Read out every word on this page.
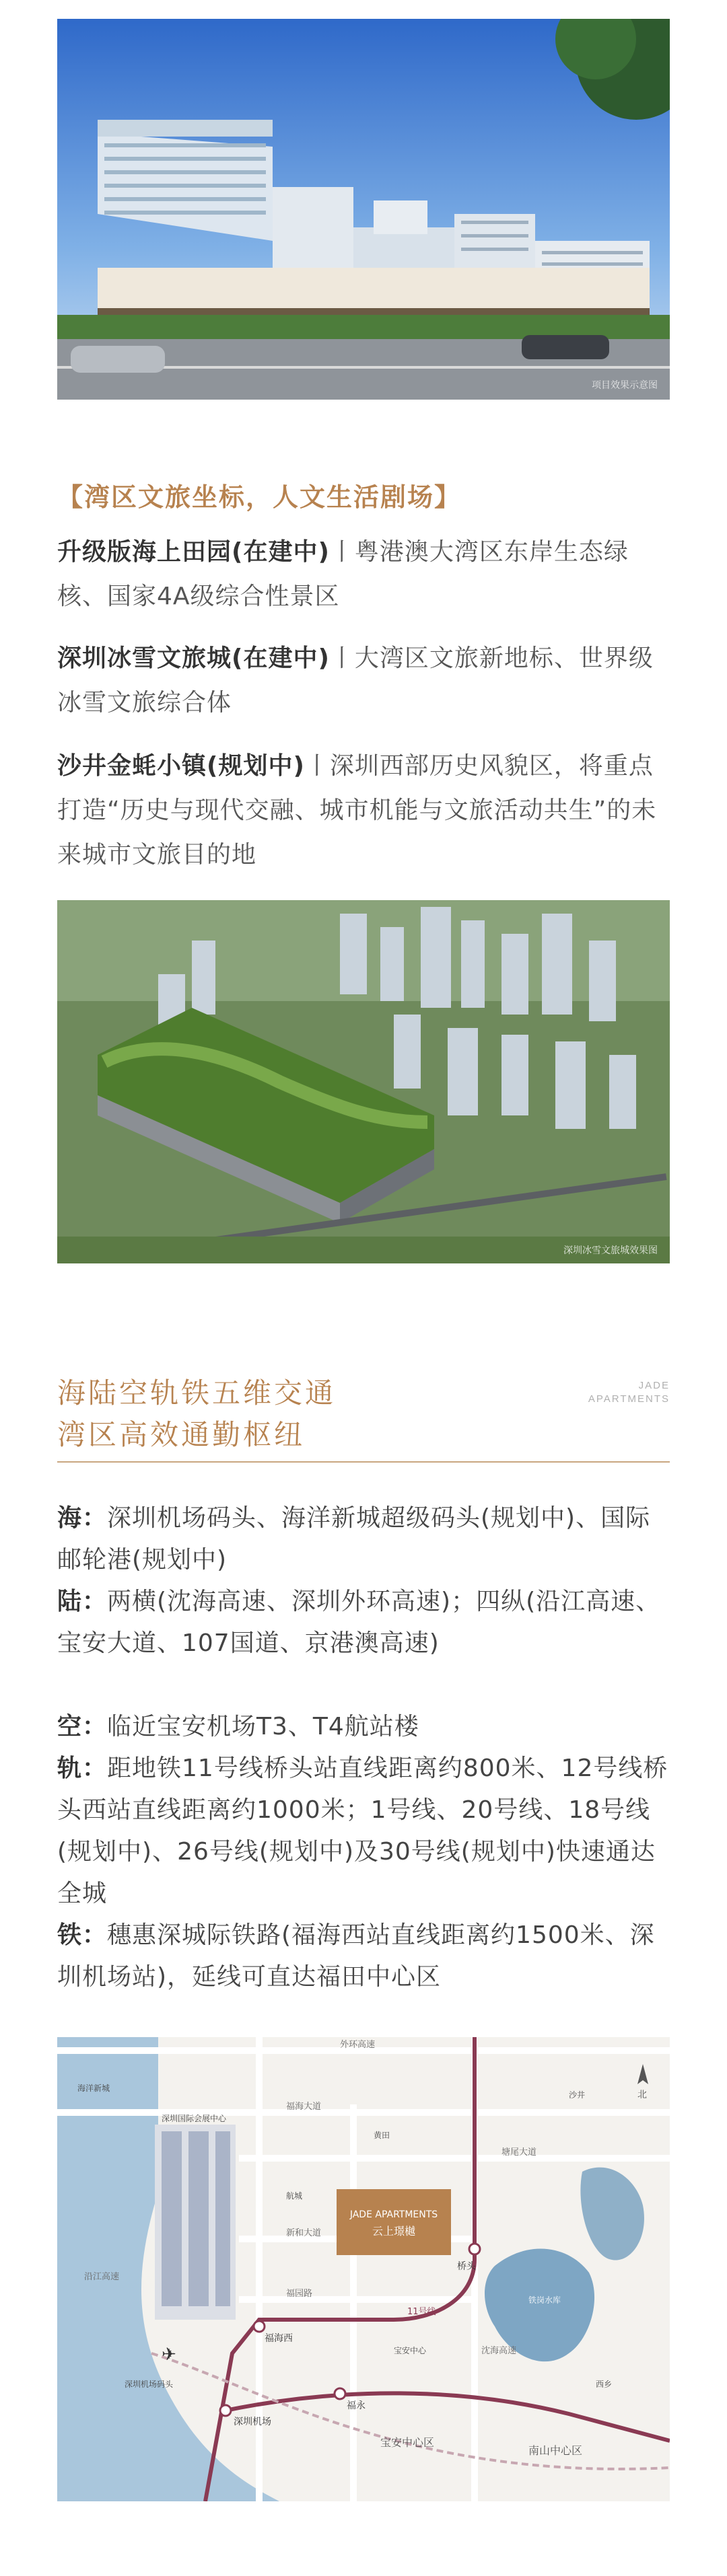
项目效果示意图
【湾区文旅坐标，人文生活剧场】
升级版海上田园(在建中)丨粤港澳大湾区东岸生态绿核、国家4A级综合性景区
深圳冰雪文旅城(在建中)丨大湾区文旅新地标、世界级冰雪文旅综合体
沙井金蚝小镇(规划中)丨深圳西部历史风貌区，将重点打造“历史与现代交融、城市机能与文旅活动共生”的未来城市文旅目的地
深圳冰雪文旅城效果图
海陆空轨铁五维交通
湾区高效通勤枢纽
JADE
APARTMENTS
海：深圳机场码头、海洋新城超级码头(规划中)、国际邮轮港(规划中)
陆：两横(沈海高速、深圳外环高速)；四纵(沿江高速、宝安大道、107国道、京港澳高速)
空：临近宝安机场T3、T4航站楼
轨：距地铁11号线桥头站直线距离约800米、12号线桥头西站直线距离约1000米；1号线、20号线、18号线(规划中)、26号线(规划中)及30号线(规划中)快速通达全城
铁：穗惠深城际铁路(福海西站直线距离约1500米、深圳机场站)，延线可直达福田中心区
JADE APARTMENTS
云上璟樾
桥头
福海西
深圳机场
福永
宝安中心区
南山中心区
外环高速
福海大道
塘尾大道
新和大道
福园路
11号线
沈海高速
沿江高速
深圳国际会展中心
海洋新城
深圳机场码头
黄田
航城
铁岗水库
沙井
西乡
宝安中心
✈
北
